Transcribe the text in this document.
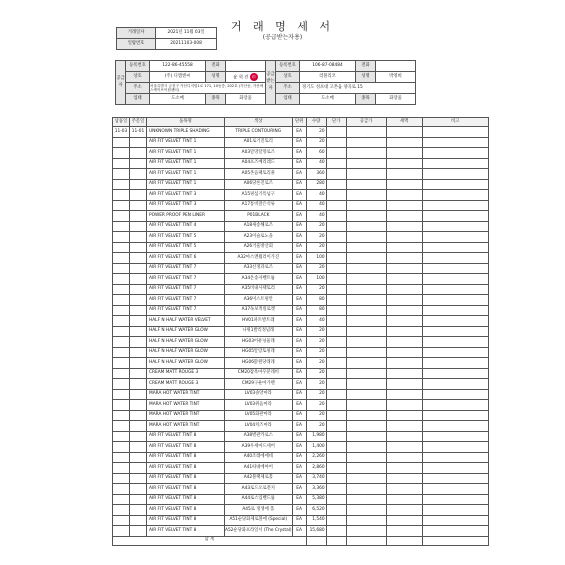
거 래 명 세 서
(공급받는자용)
거래일자	2021년 11월 03일
일람번호	20211103-008
공급자	등록번호	122-86-45558	전화		공급받는자	등록번호	106-87-08484	전화	
	상호	(주) 디엠앤씨	성명	윤 혁 건 印		상호	러블리코	성명	박영희
	주소	서울특별시 금천구 가산디지털1로 171, 10동층, 202호 (가산동, 가산에스케이브이원센터)				주소	경기도 성포대 고촌읍 양곡로 15		
	업태	도소매	종목	화장품		업태	도소매	종목	화장품
납품일	주문일	품목명	색상	단위	수량	단가	공급가	세액	비고
11-03	11-01	UNKNOWN TRIPLE SHADING	TRIPLE CONTOURING	EA	20				
		AIR FIT VELVET TINT 1	A01로기진토리	EA	20				
		AIR FIT VELVET TINT 1	A03달망달망로즈	EA	60				
		AIR FIT VELVET TINT 1	A04프즈베리레드	EA	40				
		AIR FIT VELVET TINT 1	A05촌음팩토리풀	EA	360				
		AIR FIT VELVET TINT 1	A06당론진로즈	EA	280				
		AIR FIT VELVET TINT 3	A15핑섬기특넘구	EA	40				
		AIR FIT VELVET TINT 3	A17통비잘은석류	EA	40				
		POWER PROOF PEN LINER	P01BLACK	EA	40				
		AIR FIT VELVET TINT 4	A18새송해로즈	EA	20				
		AIR FIT VELVET TINT 5	A23이슬로노을	EA	20				
		AIR FIT VELVET TINT 5	A26거울방산회	EA	20				
		AIR FIT VELVET TINT 6	A32마스앤월러이가진	EA	100				
		AIR FIT VELVET TINT 7	A33신정과로즈	EA	20				
		AIR FIT VELVET TINT 7	A34온송자벤트륨	EA	100				
		AIR FIT VELVET TINT 7	A35비내사택토리	EA	20				
		AIR FIT VELVET TINT 7	A36미스트펑안	EA	80				
		AIR FIT VELVET TINT 7	A37독보적릴로켓	EA	80				
		HALF N HALF WATER VELVET	HV01파트발트레	EA	40				
		HALF N HALF WATER GLOW	나위1발리정념래	EA	20				
		HALF N HALF WATER GLOW	HG03어퓨넝율래	EA	20				
		HALF N HALF WATER GLOW	HG05알랑토핑래	EA	20				
		HALF N HALF WATER GLOW	HG06맑원당래래	EA	20				
		CREAM MATT ROUGE 3	CM20잠옥마우분래비	EA	20				
		CREAM MATT ROUGE 3	CM29구운마가렌	EA	20				
		MARA HOT WATER TINT	LV03솔앙마라	EA	20				
		MARA HOT WATER TINT	LV03위음마라	EA	20				
		MARA HOT WATER TINT	LV05화관마라	EA	20				
		MARA HOT WATER TINT	LV04치즈마라	EA	20				
		AIR FIT VELVET TINT 8	A38별관카로스	EA	1,980				
		AIR FIT VELVET TINT 8	A39우세마드세어	EA	1,400				
		AIR FIT VELVET TINT 8	A40조레에에데	EA	2,260				
		AIR FIT VELVET TINT 8	A41따네에아어	EA	2,860				
		AIR FIT VELVET TINT 8	A42블랙체로홀	EA	3,740				
		AIR FIT VELVET TINT 8	A43로드오로전지	EA	3,360				
		AIR FIT VELVET TINT 8	A44로스입벤드륨	EA	5,380				
		AIR FIT VELVET TINT 8	A45로 정생에 홀	EA	6,520				
		AIR FIT VELVET TINT 8	A51순당화체로볼에 (Special)	EA	1,540				
		AIR FIT VELVET TINT 8	A52순당화프라일서 (The Crystal)	EA	15,680				
합 계									
